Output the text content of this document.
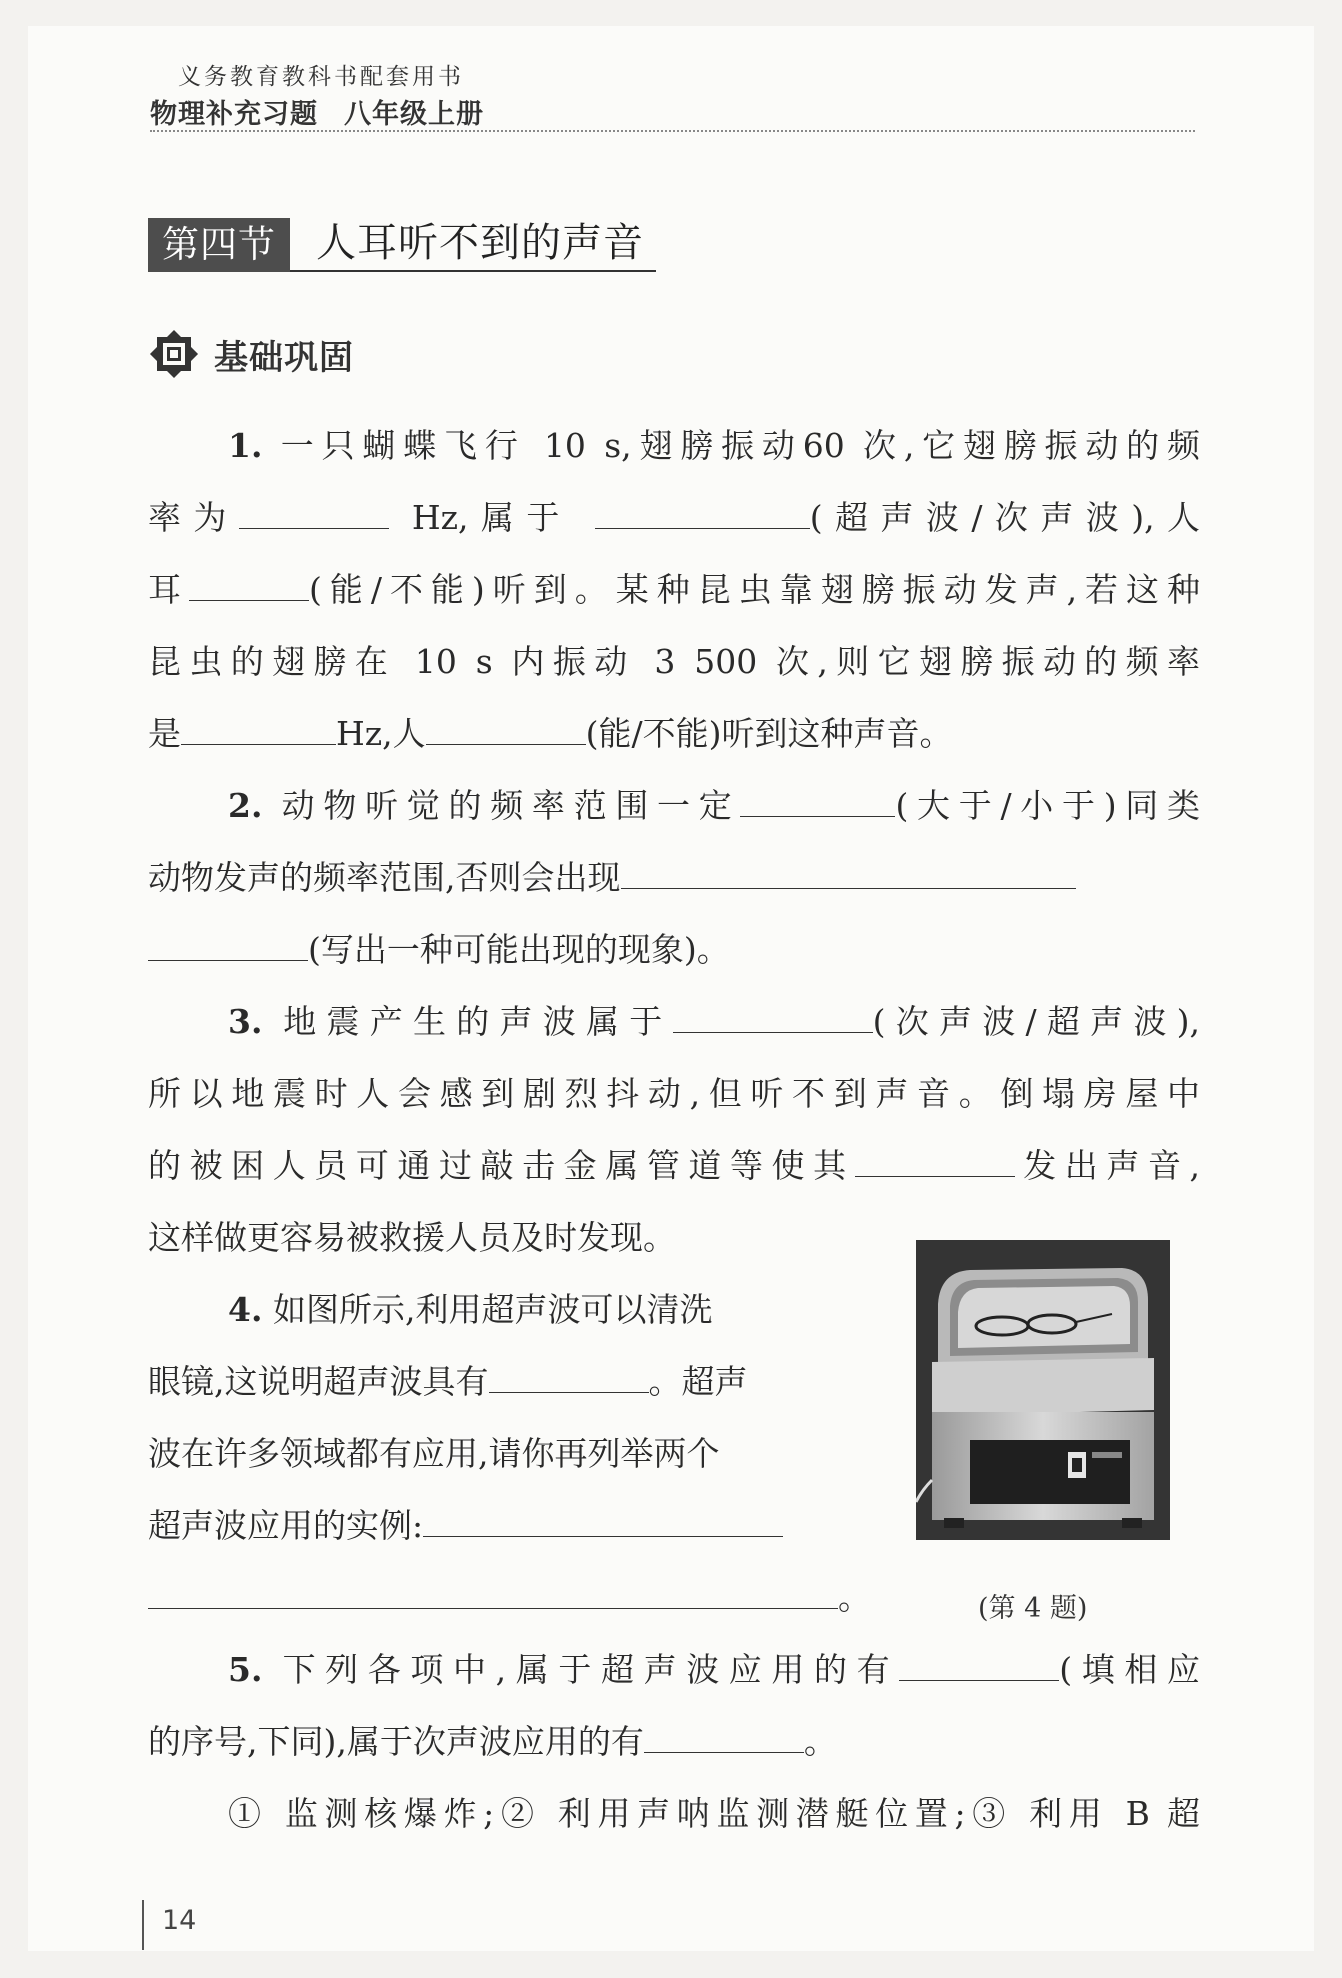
义务教育教科书配套用书
物理补充习题 八年级上册
第四节	人耳听不到的声音
基础巩固
1. 一只蝴蝶飞行 10 s,翅膀振动60 次,它翅膀振动的频
率为	Hz,属于	(超声波/次声波),人
耳	(能/不能)听到。某种昆虫靠翅膀振动发声,若这种
昆虫的翅膀在 10 s 内振动 3 500 次,则它翅膀振动的频率
是	Hz,人	(能/不能)听到这种声音。
2. 动物听觉的频率范围一定	(大于/小于)同类
动物发声的频率范围,否则会出现
(写出一种可能出现的现象)。
3. 地震产生的声波属于	(次声波/超声波),
所以地震时人会感到剧烈抖动,但听不到声音。倒塌房屋中
的被困人员可通过敲击金属管道等使其	发出声音,
这样做更容易被救援人员及时发现。
4. 如图所示,利用超声波可以清洗
眼镜,这说明超声波具有	。超声
波在许多领域都有应用,请你再列举两个
超声波应用的实例:
。	(第 4 题)
5. 下列各项中,属于超声波应用的有	(填相应
的序号,下同),属于次声波应用的有	。
① 监测核爆炸;② 利用声呐监测潜艇位置;③ 利用 B 超
14
